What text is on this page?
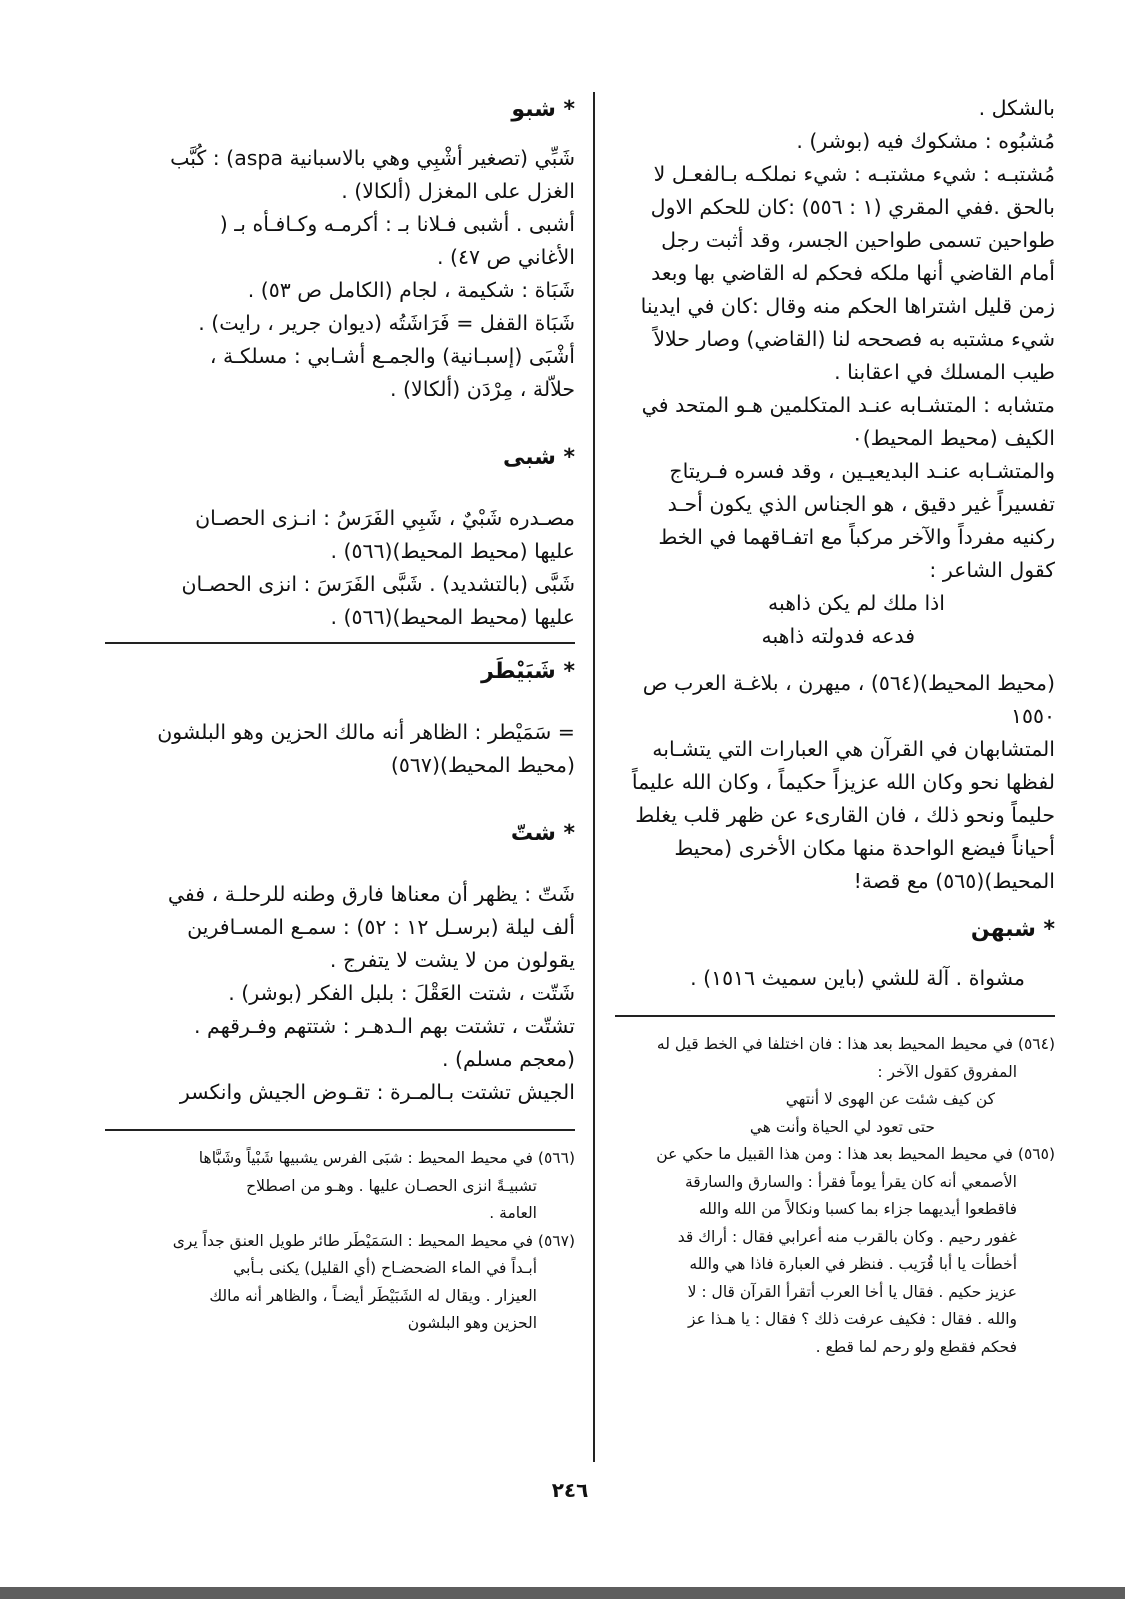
بالشكل .

مُشبُوه : مشكوك فيه (بوشر) .

مُشتبـه : شيء مشتبـه : شيء نملكـه بـالفعـل لا

بالحق .ففي المقري (١ : ٥٥٦) :كان للحكم الاول

طواحين تسمى طواحين الجسر، وقد أثبت رجل

أمام القاضي أنها ملكه فحكم له القاضي بها وبعد

زمن قليل اشتراها الحكم منه وقال :كان في ايدينا

شيء مشتبه به فصححه لنا (القاضي) وصار حلالاً

طيب المسلك في اعقابنا .

متشابه : المتشـابه عنـد المتكلمين هـو المتحد في

الكيف (محيط المحيط)٠

والمتشـابه عنـد البديعيـين ، وقد فسره فـريتاج

تفسيراً غير دقيق ، هو الجناس الذي يكون أحـد

ركنيه مفرداً والآخر مركباً مع اتفـاقهما في الخط

كقول الشاعر :

اذا ملك لم يكن ذاهبه

فدعه فدولته ذاهبه

(محيط المحيط)(٥٦٤) ، ميهرن ، بلاغـة العرب ص

١٥٥٠

المتشابهان في القرآن هي العبارات التي يتشـابه

لفظها نحو وكان الله عزيزاً حكيماً ، وكان الله عليماً

حليماً ونحو ذلك ، فان القارىء عن ظهر قلب يغلط

أحياناً فيضع الواحدة منها مكان الأخرى (محيط

المحيط)(٥٦٥) مع قصة!

* شبهن

مشواة . آلة للشي (باين سميث ١٥١٦) .

(٥٦٤) في محيط المحيط بعد هذا : فان اختلفا في الخط قيل له

المفروق كقول الآخر :

كن كيف شئت عن الهوى لا أنتهي

حتى تعود لي الحياة وأنت هي

(٥٦٥) في محيط المحيط بعد هذا : ومن هذا القبيل ما حكي عن

الأصمعي أنه كان يقرأ يوماً فقرأ : والسارق والسارقة

فاقطعوا أيديهما جزاء بما كسبا ونكالاً من الله والله

غفور رحيم . وكان بالقرب منه أعرابي فقال : أراك قد

أخطأت يا أبا قُرَيب . فنظر في العبارة فاذا هي والله

عزيز حكيم . فقال يا أخا العرب أتقرأ القرآن قال : لا

والله . فقال : فكيف عرفت ذلك ؟ فقال : يا هـذا عز

فحكم فقطع ولو رحم لما قطع .

* شبو

شَبِّي (تصغير أشْبِي وهي بالاسبانية aspa) : كُبَّب

الغزل على المغزل (ألكالا) .

أشبى . أشبى فـلانا بـ : أكرمـه وكـافـأه بـ (

الأغاني ص ٤٧) .

شَبَاة : شكيمة ، لجام (الكامل ص ٥٣) .

شَبَاة القفل = فَرَاشَتُه (ديوان جرير ، رايت) .

أشْبَى (إسبـانية) والجمـع أشـابي : مسلكـة ،

حلاّلة ، مِرْدَن (ألكالا) .

* شبى

مصـدره شَبْيٌ ، شَبِي الفَرَسُ : انـزى الحصـان

عليها (محيط المحيط)(٥٦٦) .

شَبَّى (بالتشديد) . شَبَّى الفَرَسَ : انزى الحصـان

عليها (محيط المحيط)(٥٦٦) .

* شَبَيْطَر

= سَمَيْطر : الظاهر أنه مالك الحزين وهو البلشون

(محيط المحيط)(٥٦٧)

* شتّ

شَتّ : يظهر أن معناها فارق وطنه للرحلـة ، ففي

ألف ليلة (برسـل ١٢ : ٥٢) : سمـع المسـافرين

يقولون من لا يشت لا يتفرج .

شَتّت ، شتت العَقْلَ : بلبل الفكر (بوشر) .

تشتّت ، تشتت بهم الـدهـر : شتتهم وفـرقهم .

(معجم مسلم) .

الجيش تشتت بـالمـرة : تقـوض الجيش وانكسر

(٥٦٦) في محيط المحيط : شبَى الفرس يشبيها شَبْياً وشَبَّاها

تشبيـةً انزى الحصـان عليها . وهـو من اصطلاح

العامة .

(٥٦٧) في محيط المحيط : السَمَيْطَر طائر طويل العنق جداً يرى

أبـداً في الماء الضحضـاح (أي القليل) يكنى بـأبي

العيزار . ويقال له الشَبَيْطَر أيضـاً ، والظاهر أنه مالك

الحزين وهو البلشون

٢٤٦
